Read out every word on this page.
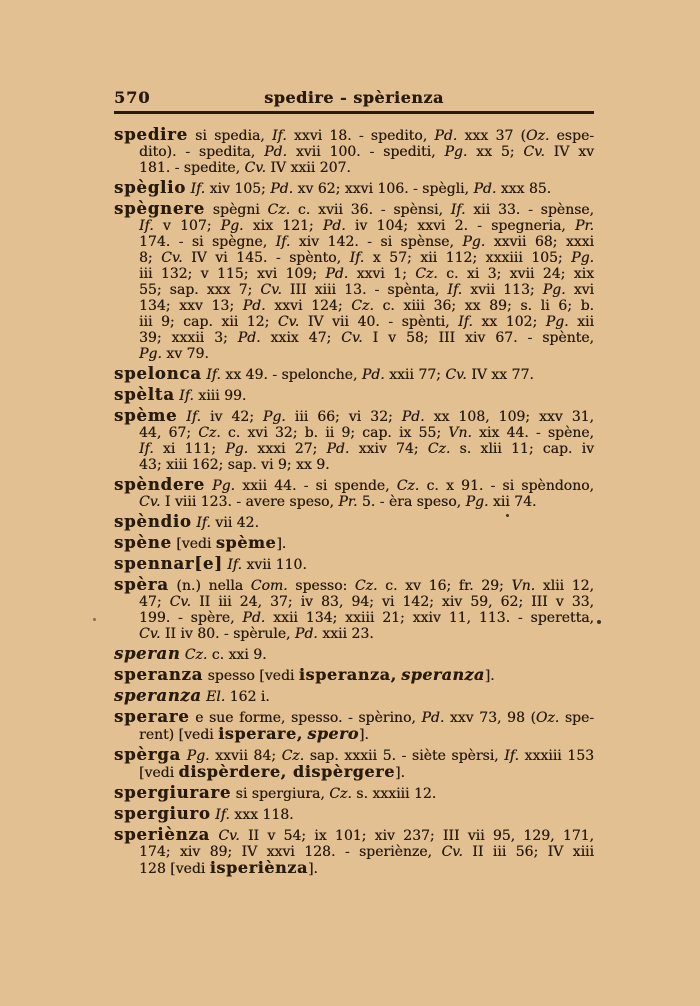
570	spedire - spèrienza
spedire si spedia, If. xxvi 18. - spedito, Pd. xxx 37 (Oz. espe-
dito). - spedita, Pd. xvii 100. - spediti, Pg. xx 5; Cv. IV xv
181. - spedite, Cv. IV xxii 207.
spèglio If. xiv 105; Pd. xv 62; xxvi 106. - spègli, Pd. xxx 85.
spègnere spègni Cz. c. xvii 36. - spènsi, If. xii 33. - spènse,
If. v 107; Pg. xix 121; Pd. iv 104; xxvi 2. - spegneria, Pr.
174. - si spègne, If. xiv 142. - si spènse, Pg. xxvii 68; xxxi
8; Cv. IV vi 145. - spènto, If. x 57; xii 112; xxxiii 105; Pg.
iii 132; v 115; xvi 109; Pd. xxvi 1; Cz. c. xi 3; xvii 24; xix
55; sap. xxx 7; Cv. III xiii 13. - spènta, If. xvii 113; Pg. xvi
134; xxv 13; Pd. xxvi 124; Cz. c. xiii 36; xx 89; s. li 6; b.
iii 9; cap. xii 12; Cv. IV vii 40. - spènti, If. xx 102; Pg. xii
39; xxxii 3; Pd. xxix 47; Cv. I v 58; III xiv 67. - spènte,
Pg. xv 79.
spelonca If. xx 49. - spelonche, Pd. xxii 77; Cv. IV xx 77.
spèlta If. xiii 99.
spème If. iv 42; Pg. iii 66; vi 32; Pd. xx 108, 109; xxv 31,
44, 67; Cz. c. xvi 32; b. ii 9; cap. ix 55; Vn. xix 44. - spène,
If. xi 111; Pg. xxxi 27; Pd. xxiv 74; Cz. s. xlii 11; cap. iv
43; xiii 162; sap. vi 9; xx 9.
spèndere Pg. xxii 44. - si spende, Cz. c. x 91. - si spèndono,
Cv. I viii 123. - avere speso, Pr. 5. - èra speso, Pg. xii 74.
spèndio If. vii 42.
spène [vedi spème].
spennar[e] If. xvii 110.
spèra (n.) nella Com. spesso: Cz. c. xv 16; fr. 29; Vn. xlii 12,
47; Cv. II iii 24, 37; iv 83, 94; vi 142; xiv 59, 62; III v 33,
199. - spère, Pd. xxii 134; xxiii 21; xxiv 11, 113. - speretta,
Cv. II iv 80. - spèrule, Pd. xxii 23.
speran Cz. c. xxi 9.
speranza spesso [vedi isperanza, speranza].
speranza El. 162 i.
sperare e sue forme, spesso. - spèrino, Pd. xxv 73, 98 (Oz. spe-
rent) [vedi isperare, spero].
spèrga Pg. xxvii 84; Cz. sap. xxxii 5. - siète spèrsi, If. xxxiii 153
[vedi dispèrdere, dispèrgere].
spergiurare si spergiura, Cz. s. xxxiii 12.
spergiuro If. xxx 118.
speriènza Cv. II v 54; ix 101; xiv 237; III vii 95, 129, 171,
174; xiv 89; IV xxvi 128. - speriènze, Cv. II iii 56; IV xiii
128 [vedi isperiènza].
